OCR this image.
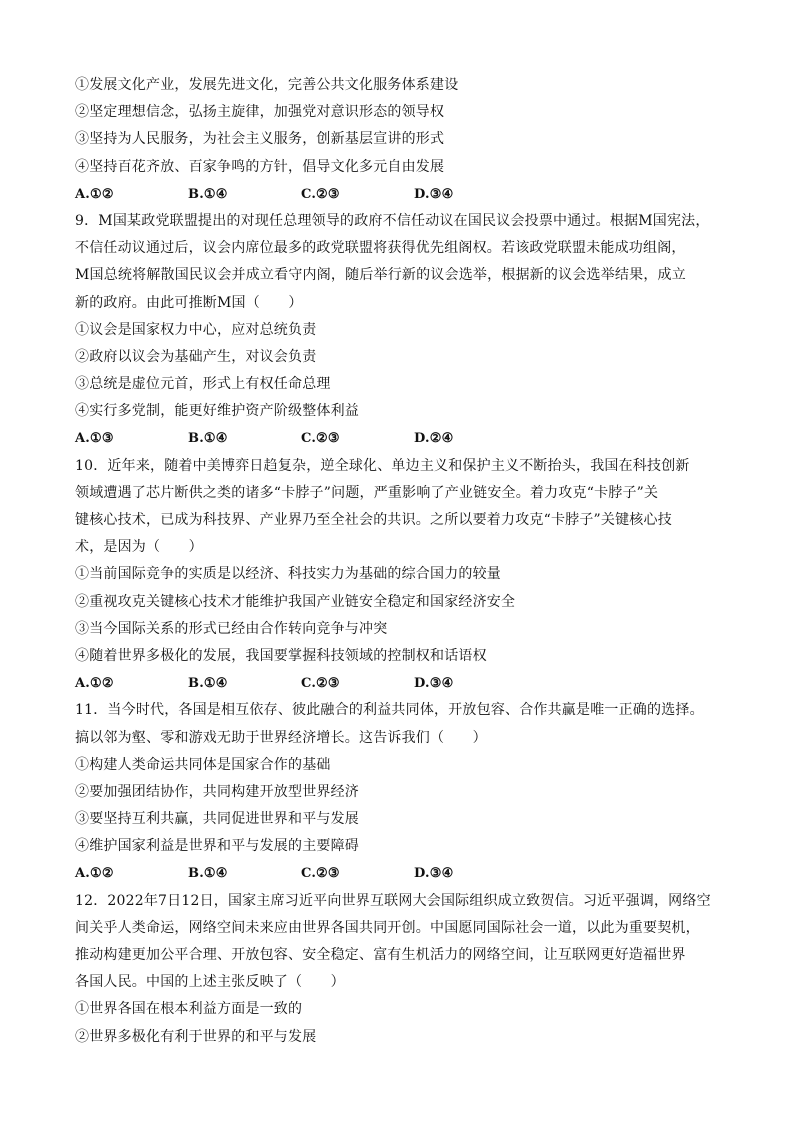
①发展文化产业，发展先进文化，完善公共文化服务体系建设
②坚定理想信念，弘扬主旋律，加强党对意识形态的领导权
③坚持为人民服务，为社会主义服务，创新基层宣讲的形式
④坚持百花齐放、百家争鸣的方针，倡导文化多元自由发展
A.①②	B.①④	C.②③	D.③④
9．M国某政党联盟提出的对现任总理领导的政府不信任动议在国民议会投票中通过。根据M国宪法，
不信任动议通过后，议会内席位最多的政党联盟将获得优先组阁权。若该政党联盟未能成功组阁，
M国总统将解散国民议会并成立看守内阁，随后举行新的议会选举，根据新的议会选举结果，成立
新的政府。由此可推断M国（　　）
①议会是国家权力中心，应对总统负责
②政府以议会为基础产生，对议会负责
③总统是虚位元首，形式上有权任命总理
④实行多党制，能更好维护资产阶级整体利益
A.①③	B.①④	C.②③	D.②④
10．近年来，随着中美博弈日趋复杂，逆全球化、单边主义和保护主义不断抬头，我国在科技创新
领域遭遇了芯片断供之类的诸多“卡脖子”问题，严重影响了产业链安全。着力攻克“卡脖子”关
键核心技术，已成为科技界、产业界乃至全社会的共识。之所以要着力攻克“卡脖子”关键核心技
术，是因为（　　）
①当前国际竞争的实质是以经济、科技实力为基础的综合国力的较量
②重视攻克关键核心技术才能维护我国产业链安全稳定和国家经济安全
③当今国际关系的形式已经由合作转向竞争与冲突
④随着世界多极化的发展，我国要掌握科技领域的控制权和话语权
A.①②	B.①④	C.②③	D.③④
11．当今时代，各国是相互依存、彼此融合的利益共同体，开放包容、合作共赢是唯一正确的选择。
搞以邻为壑、零和游戏无助于世界经济增长。这告诉我们（　　）
①构建人类命运共同体是国家合作的基础
②要加强团结协作，共同构建开放型世界经济
③要坚持互利共赢，共同促进世界和平与发展
④维护国家利益是世界和平与发展的主要障碍
A.①②	B.①④	C.②③	D.③④
12．2022年7日12日，国家主席习近平向世界互联网大会国际组织成立致贺信。习近平强调，网络空
间关乎人类命运，网络空间未来应由世界各国共同开创。中国愿同国际社会一道，以此为重要契机，
推动构建更加公平合理、开放包容、安全稳定、富有生机活力的网络空间，让互联网更好造福世界
各国人民。中国的上述主张反映了（　　）
①世界各国在根本利益方面是一致的
②世界多极化有利于世界的和平与发展
